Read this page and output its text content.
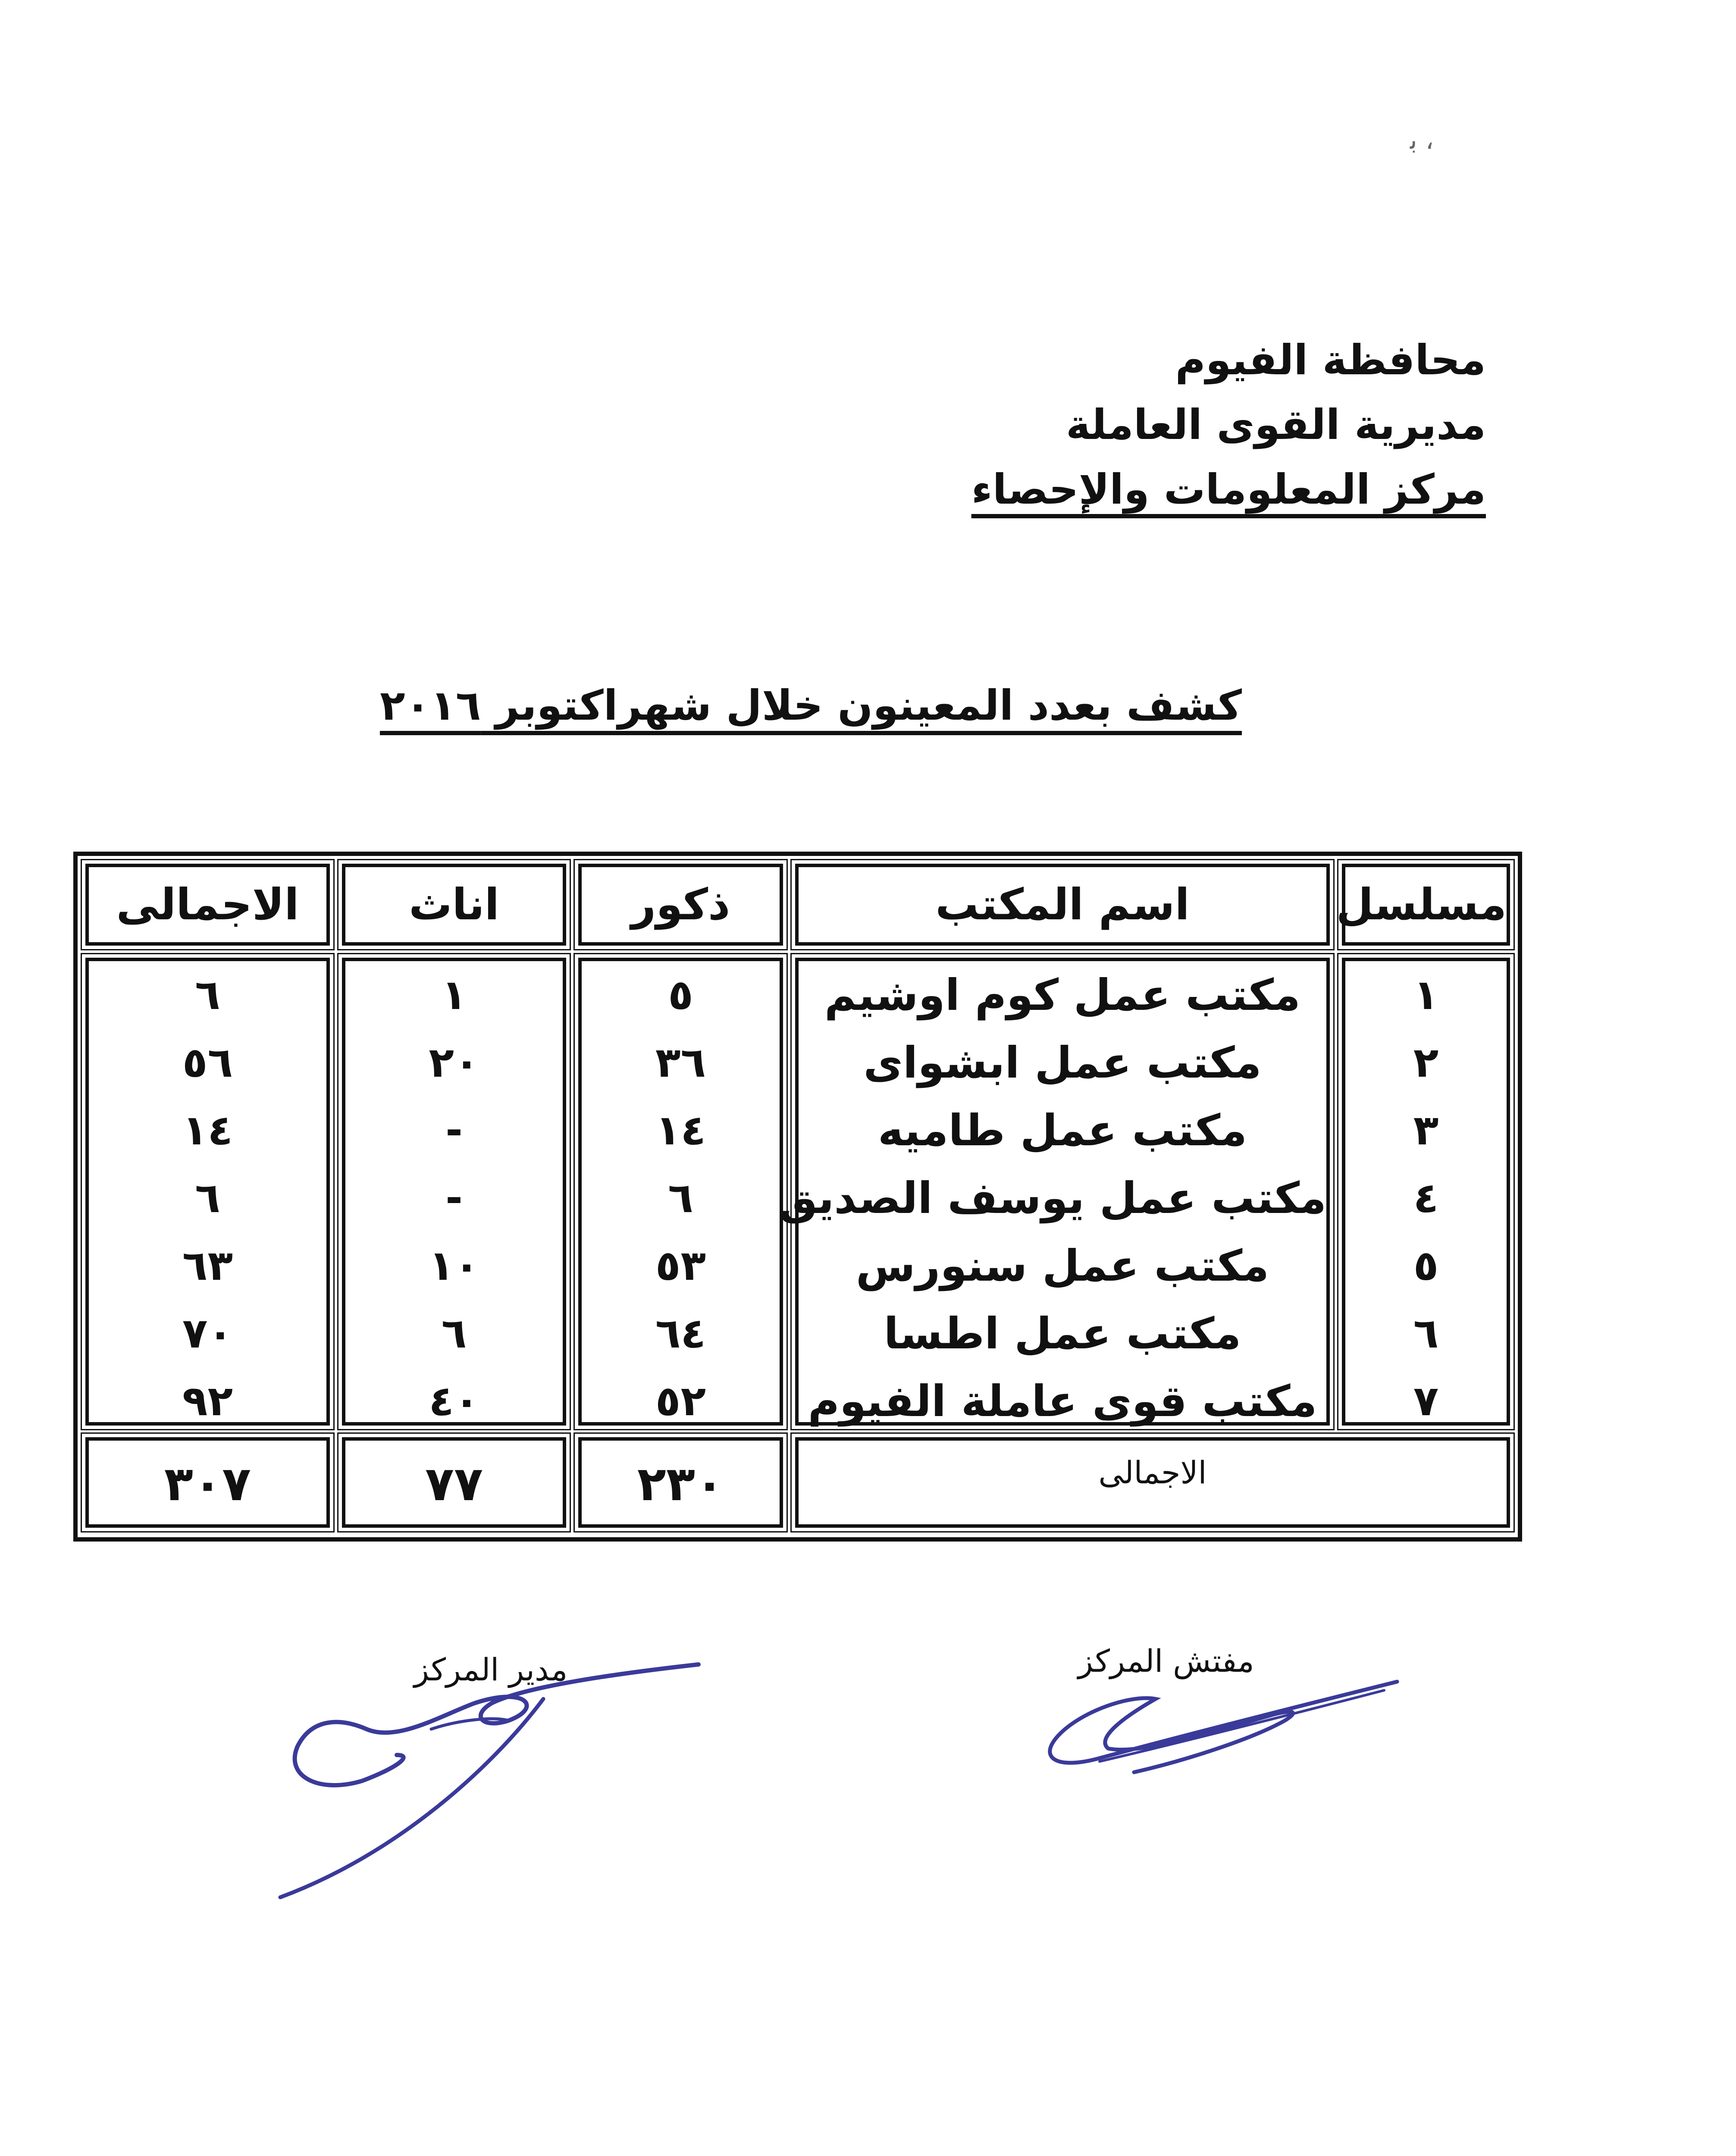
ﺑ ،
محافظة الفيوم
مديرية القوى العاملة
مركز المعلومات والإحصاء
كشف بعدد المعينون خلال شهراكتوبر ٢٠١٦
مسلسل
١
٢
٣
٤
٥
٦
٧
اسم المكتب
مكتب عمل كوم اوشيم
مكتب عمل ابشواى
مكتب عمل طاميه
مكتب عمل يوسف الصديق
مكتب عمل سنورس
مكتب عمل اطسا
مكتب قوى عاملة الفيوم
الاجمالى
ذكور
٥
٣٦
١٤
٦
٥٣
٦٤
٥٢
٢٣٠
اناث
١
٢٠
-
-
١٠
٦
٤٠
٧٧
الاجمالى
٦
٥٦
١٤
٦
٦٣
٧٠
٩٢
٣٠٧
مفتش المركز
مدير المركز
